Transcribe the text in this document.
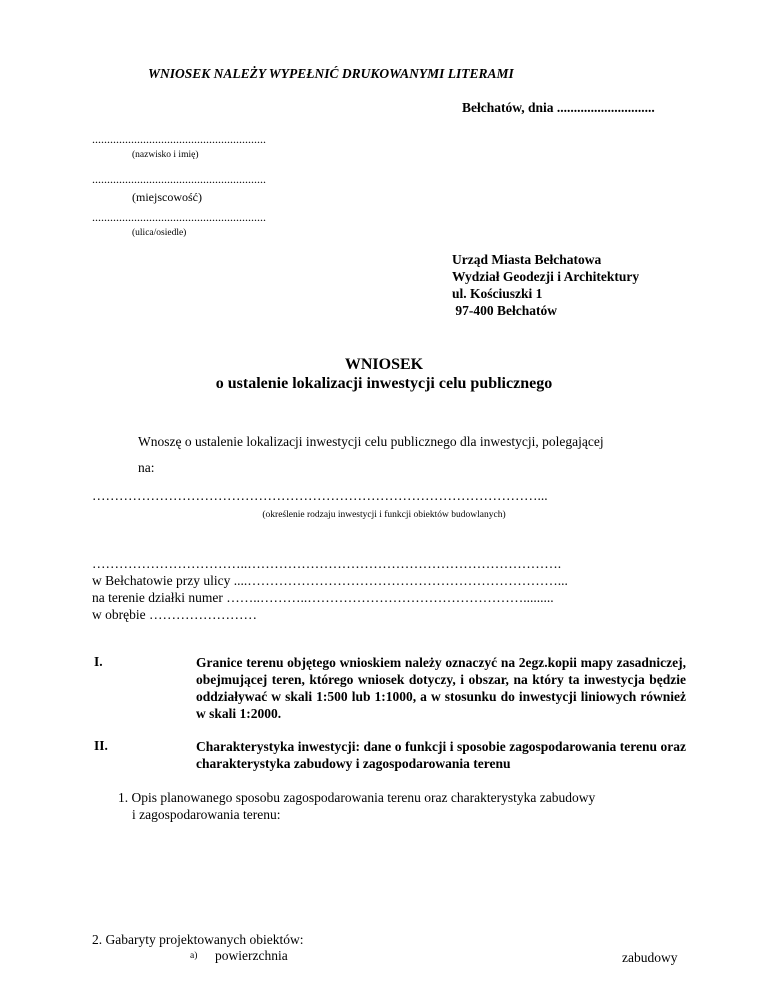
WNIOSEK NALEŻY WYPEŁNIĆ DRUKOWANYMI LITERAMI
Bełchatów, dnia .............................
..........................................................
(nazwisko i imię)
..........................................................
(miejscowość)
..........................................................
(ulica/osiedle)
Urząd Miasta Bełchatowa
Wydział Geodezji i Architektury
ul. Kościuszki 1
97-400 Bełchatów
WNIOSEK
o ustalenie lokalizacji inwestycji celu publicznego
Wnoszę o ustalenie lokalizacji inwestycji celu publicznego dla inwestycji, polegającej
na:
………………………………………………………………………………………...
(określenie rodzaju inwestycji i funkcji obiektów budowlanych)
……………………………..…………………………………………………………….
w Bełchatowie przy ulicy ....……………………………………………………………...
na terenie działki numer ……..………..………………………………………….........
w obrębie ……………………
I.	Granice terenu objętego wnioskiem należy oznaczyć na 2egz.kopii mapy zasadniczej, obejmującej teren, którego wniosek dotyczy, i obszar, na który ta inwestycja będzie oddziaływać w skali 1:500 lub 1:1000, a w stosunku do inwestycji liniowych również w skali 1:2000.
II.	Charakterystyka inwestycji: dane o funkcji i sposobie zagospodarowania terenu oraz charakterystyka zabudowy i zagospodarowania terenu
1. Opis planowanego sposobu zagospodarowania terenu oraz charakterystyka zabudowy
i zagospodarowania terenu:
2. Gabaryty projektowanych obiektów:
a) powierzchnia	zabudowy
